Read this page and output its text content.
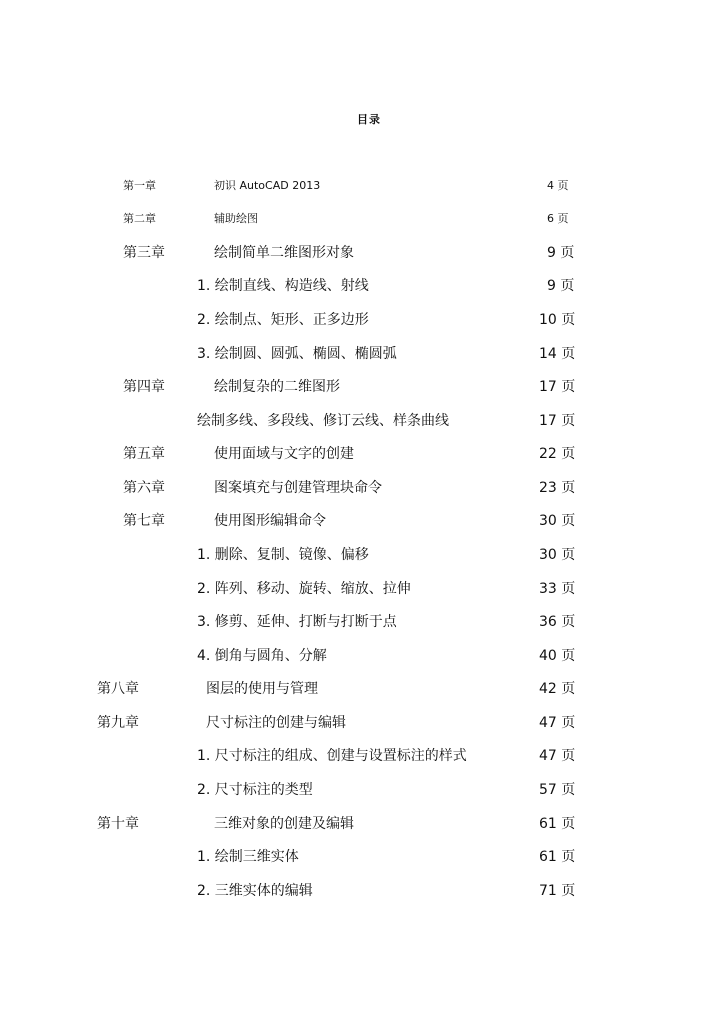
目录
第一章	初识 AutoCAD 2013	4 页
第二章	辅助绘图	6 页
第三章	绘制简单二维图形对象	9 页
1. 绘制直线、构造线、射线	9 页
2. 绘制点、矩形、正多边形	10 页
3. 绘制圆、圆弧、椭圆、椭圆弧	14 页
第四章	绘制复杂的二维图形	17 页
绘制多线、多段线、修订云线、样条曲线	17 页
第五章	使用面域与文字的创建	22 页
第六章	图案填充与创建管理块命令	23 页
第七章	使用图形编辑命令	30 页
1. 删除、复制、镜像、偏移	30 页
2. 阵列、移动、旋转、缩放、拉伸	33 页
3. 修剪、延伸、打断与打断于点	36 页
4. 倒角与圆角、分解	40 页
第八章	图层的使用与管理	42 页
第九章	尺寸标注的创建与编辑	47 页
1. 尺寸标注的组成、创建与设置标注的样式	47 页
2. 尺寸标注的类型	57 页
第十章	三维对象的创建及编辑	61 页
1. 绘制三维实体	61 页
2. 三维实体的编辑	71 页
